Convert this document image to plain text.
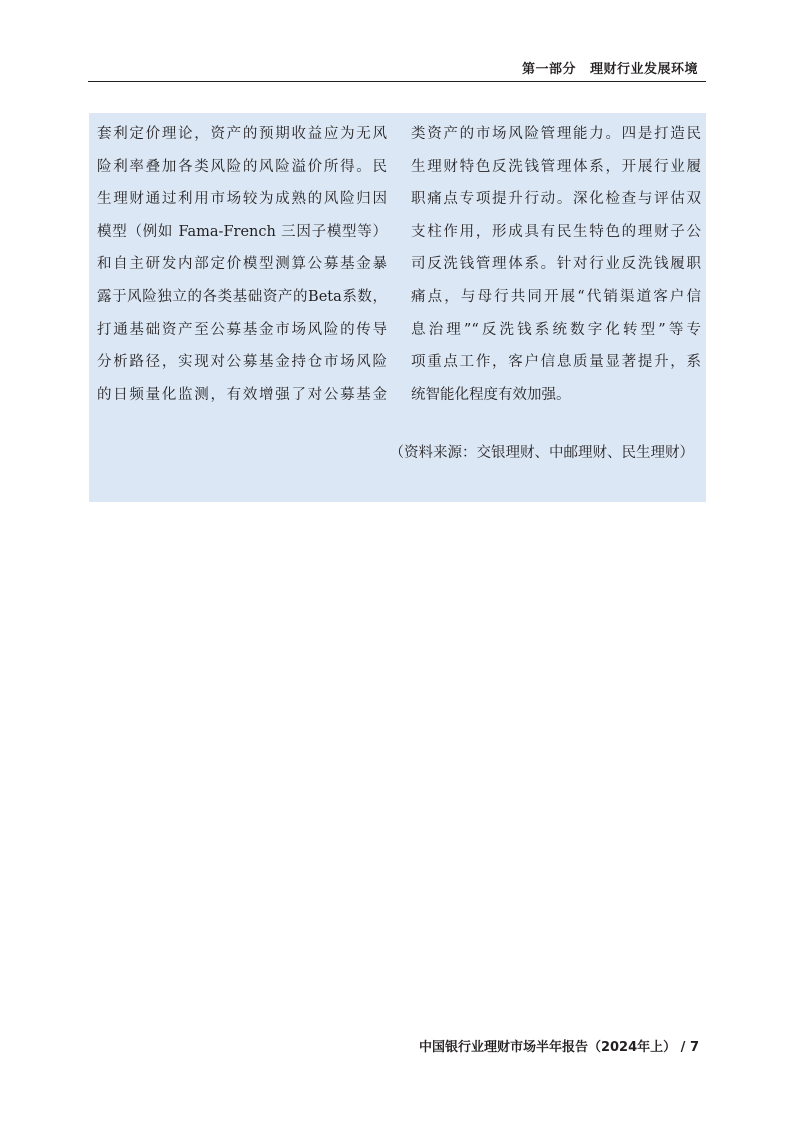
第一部分 理财行业发展环境
套利定价理论，资产的预期收益应为无风
险利率叠加各类风险的风险溢价所得。民
生理财通过利用市场较为成熟的风险归因
模型（例如 Fama-French 三因子模型等）
和自主研发内部定价模型测算公募基金暴
露于风险独立的各类基础资产的Beta系数，
打通基础资产至公募基金市场风险的传导
分析路径，实现对公募基金持仓市场风险
的日频量化监测，有效增强了对公募基金
类资产的市场风险管理能力。四是打造民
生理财特色反洗钱管理体系，开展行业履
职痛点专项提升行动。深化检查与评估双
支柱作用，形成具有民生特色的理财子公
司反洗钱管理体系。针对行业反洗钱履职
痛点，与母行共同开展“代销渠道客户信
息治理”“反洗钱系统数字化转型”等专
项重点工作，客户信息质量显著提升，系
统智能化程度有效加强。
（资料来源：交银理财、中邮理财、民生理财）
中国银行业理财市场半年报告（2024年上） / 7
